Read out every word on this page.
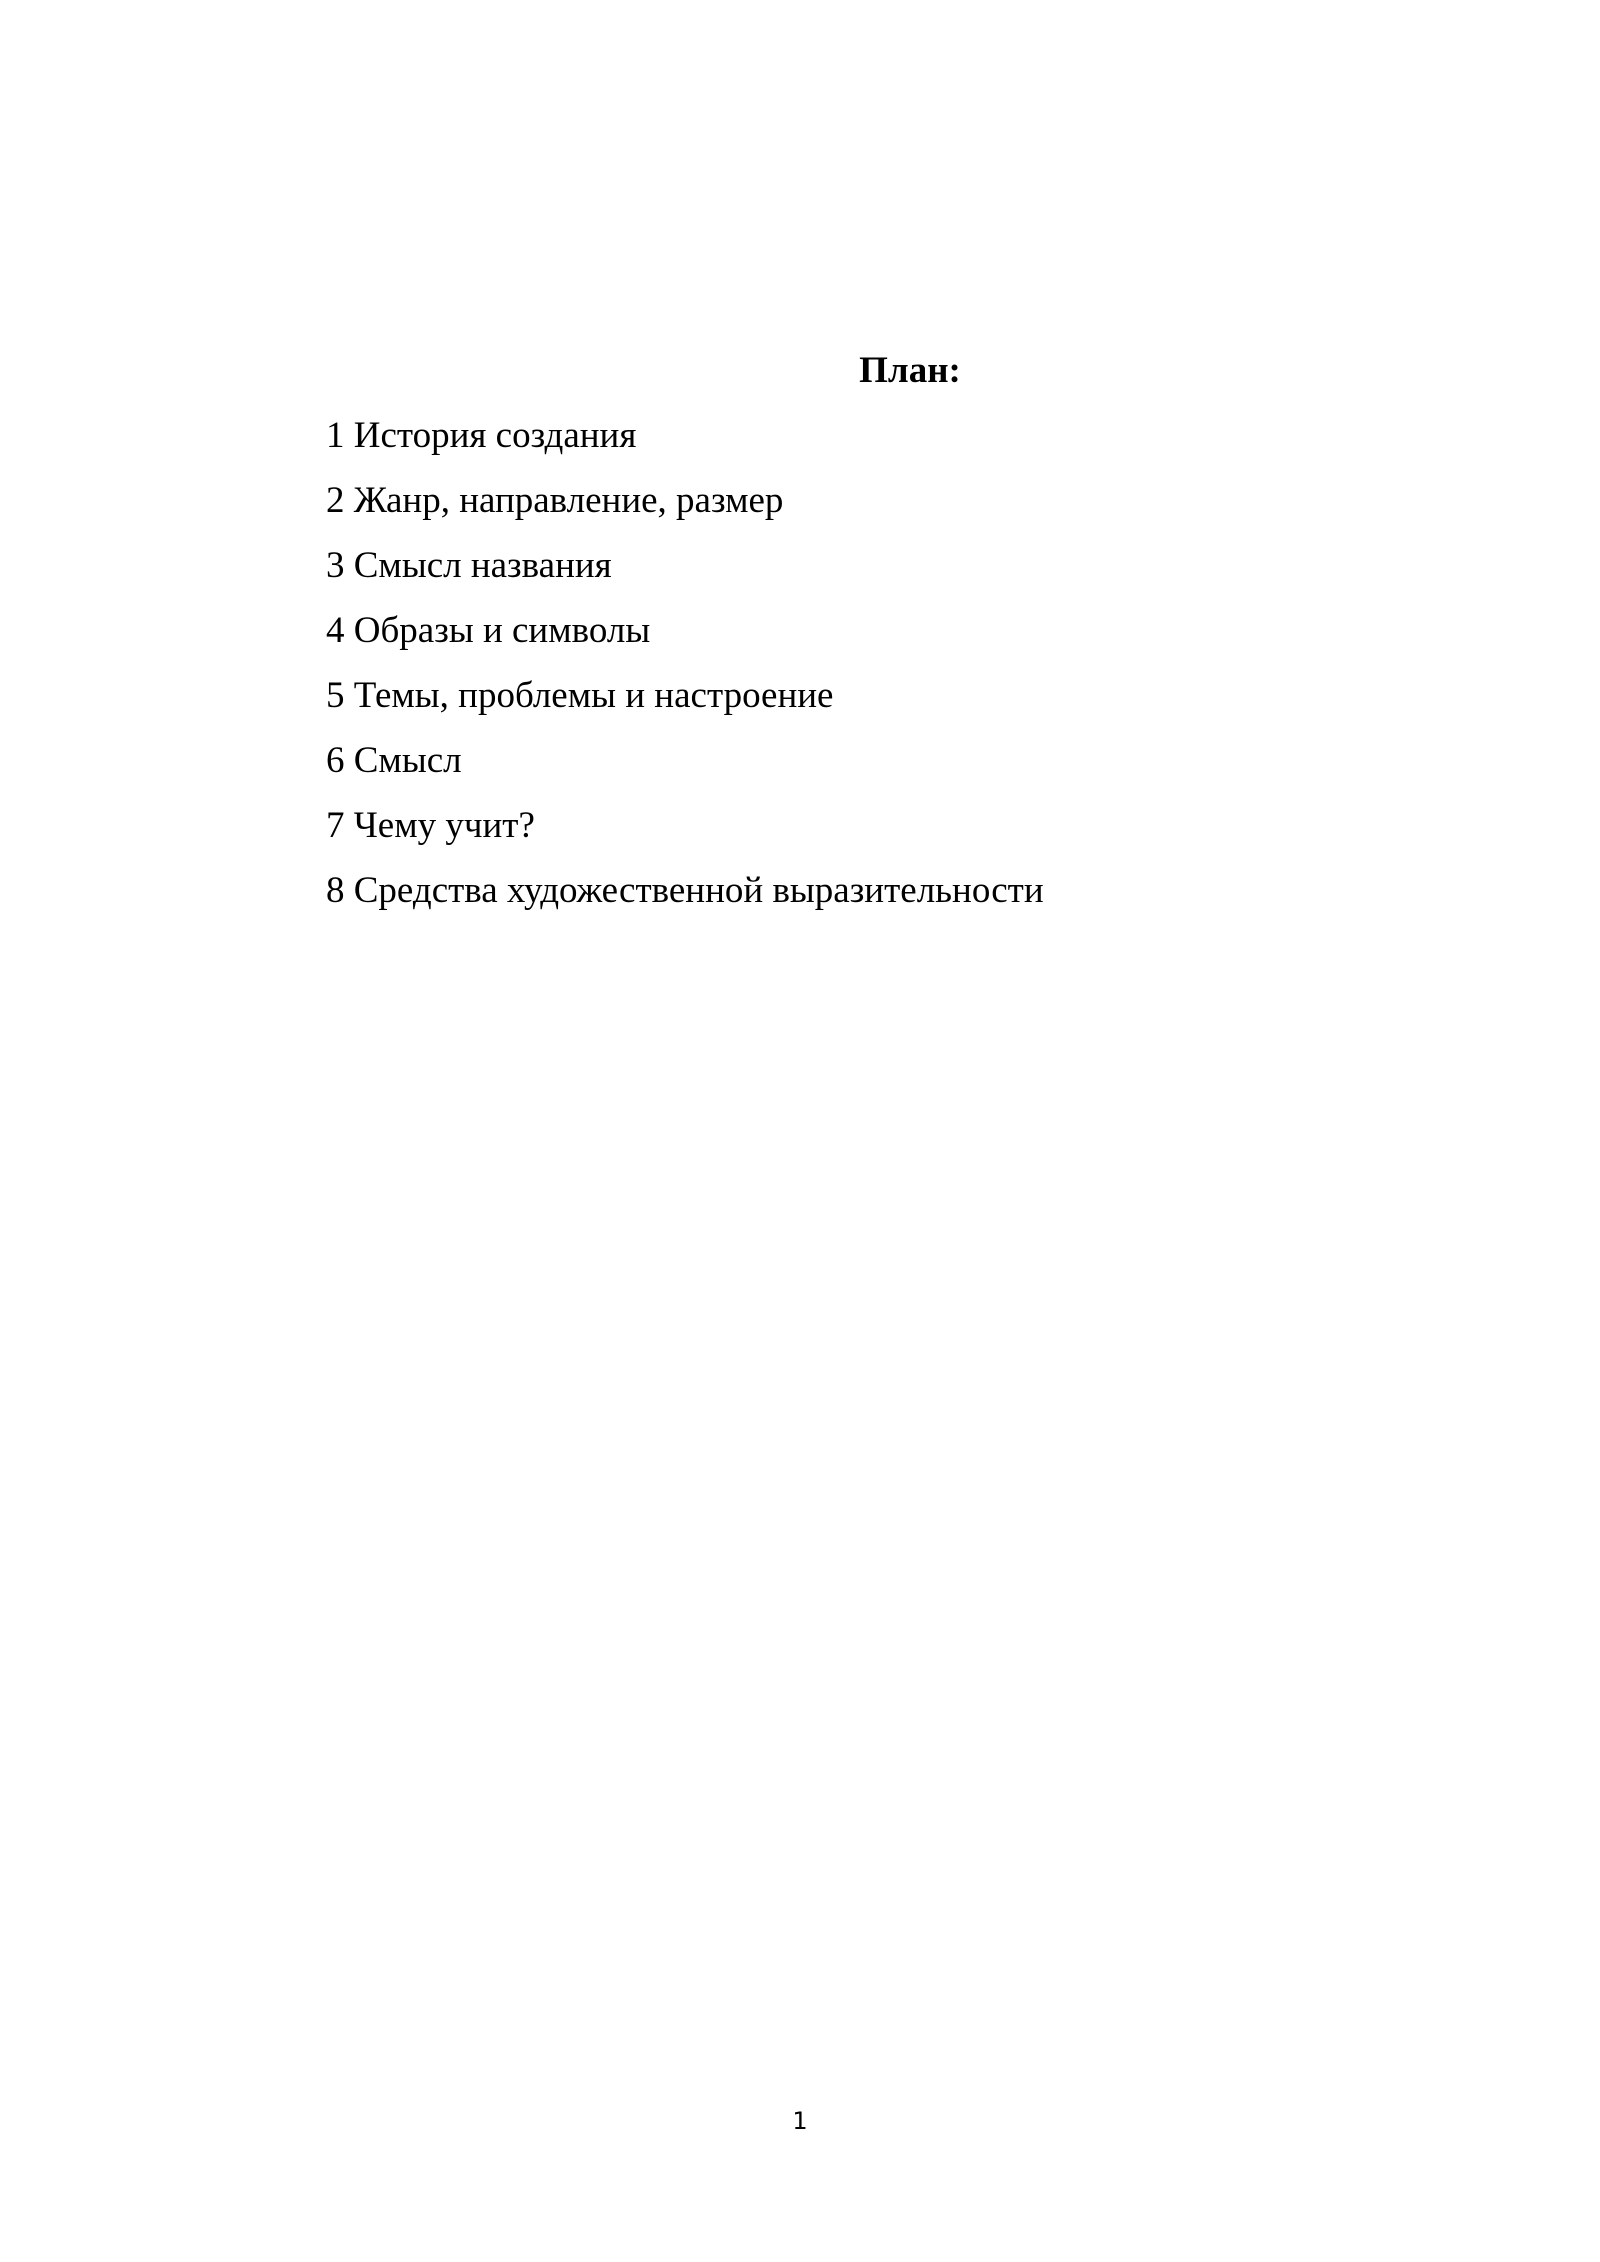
План:
1 История создания
2 Жанр, направление, размер
3 Смысл названия
4 Образы и символы
5 Темы, проблемы и настроение
6 Смысл
7 Чему учит?
8 Средства художественной выразительности
1
